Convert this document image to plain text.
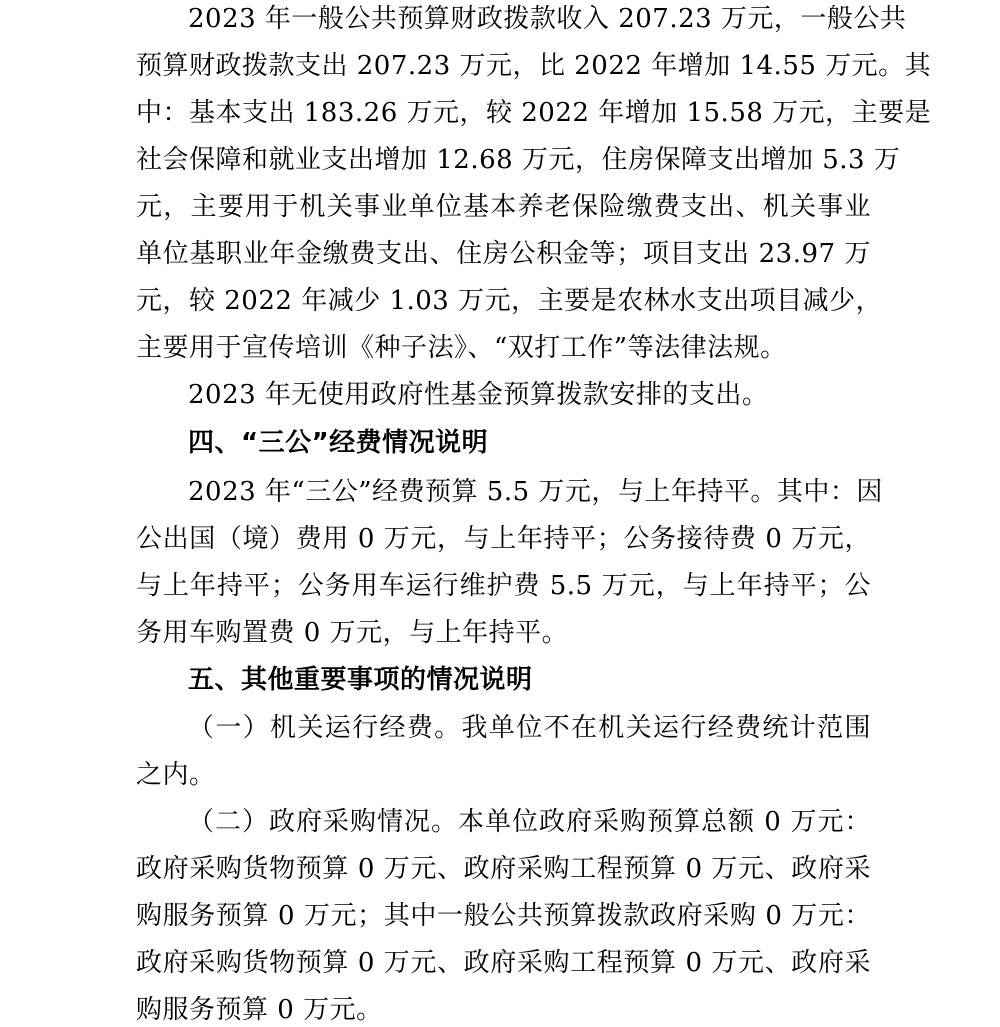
2023 年一般公共预算财政拨款收入 207.23 万元，一般公共
预算财政拨款支出 207.23 万元，比 2022 年增加 14.55 万元。其
中：基本支出 183.26 万元，较 2022 年增加 15.58 万元，主要是
社会保障和就业支出增加 12.68 万元，住房保障支出增加 5.3 万
元，主要用于机关事业单位基本养老保险缴费支出、机关事业
单位基职业年金缴费支出、住房公积金等；项目支出 23.97 万
元，较 2022 年减少 1.03 万元，主要是农林水支出项目减少，
主要用于宣传培训《种子法》、“双打工作”等法律法规。
2023 年无使用政府性基金预算拨款安排的支出。
四、“三公”经费情况说明
2023 年“三公”经费预算 5.5 万元，与上年持平。其中：因
公出国（境）费用 0 万元，与上年持平；公务接待费 0 万元，
与上年持平；公务用车运行维护费 5.5 万元，与上年持平；公
务用车购置费 0 万元，与上年持平。
五、其他重要事项的情况说明
（一）机关运行经费。我单位不在机关运行经费统计范围
之内。
（二）政府采购情况。本单位政府采购预算总额 0 万元：
政府采购货物预算 0 万元、政府采购工程预算 0 万元、政府采
购服务预算 0 万元；其中一般公共预算拨款政府采购 0 万元：
政府采购货物预算 0 万元、政府采购工程预算 0 万元、政府采
购服务预算 0 万元。
